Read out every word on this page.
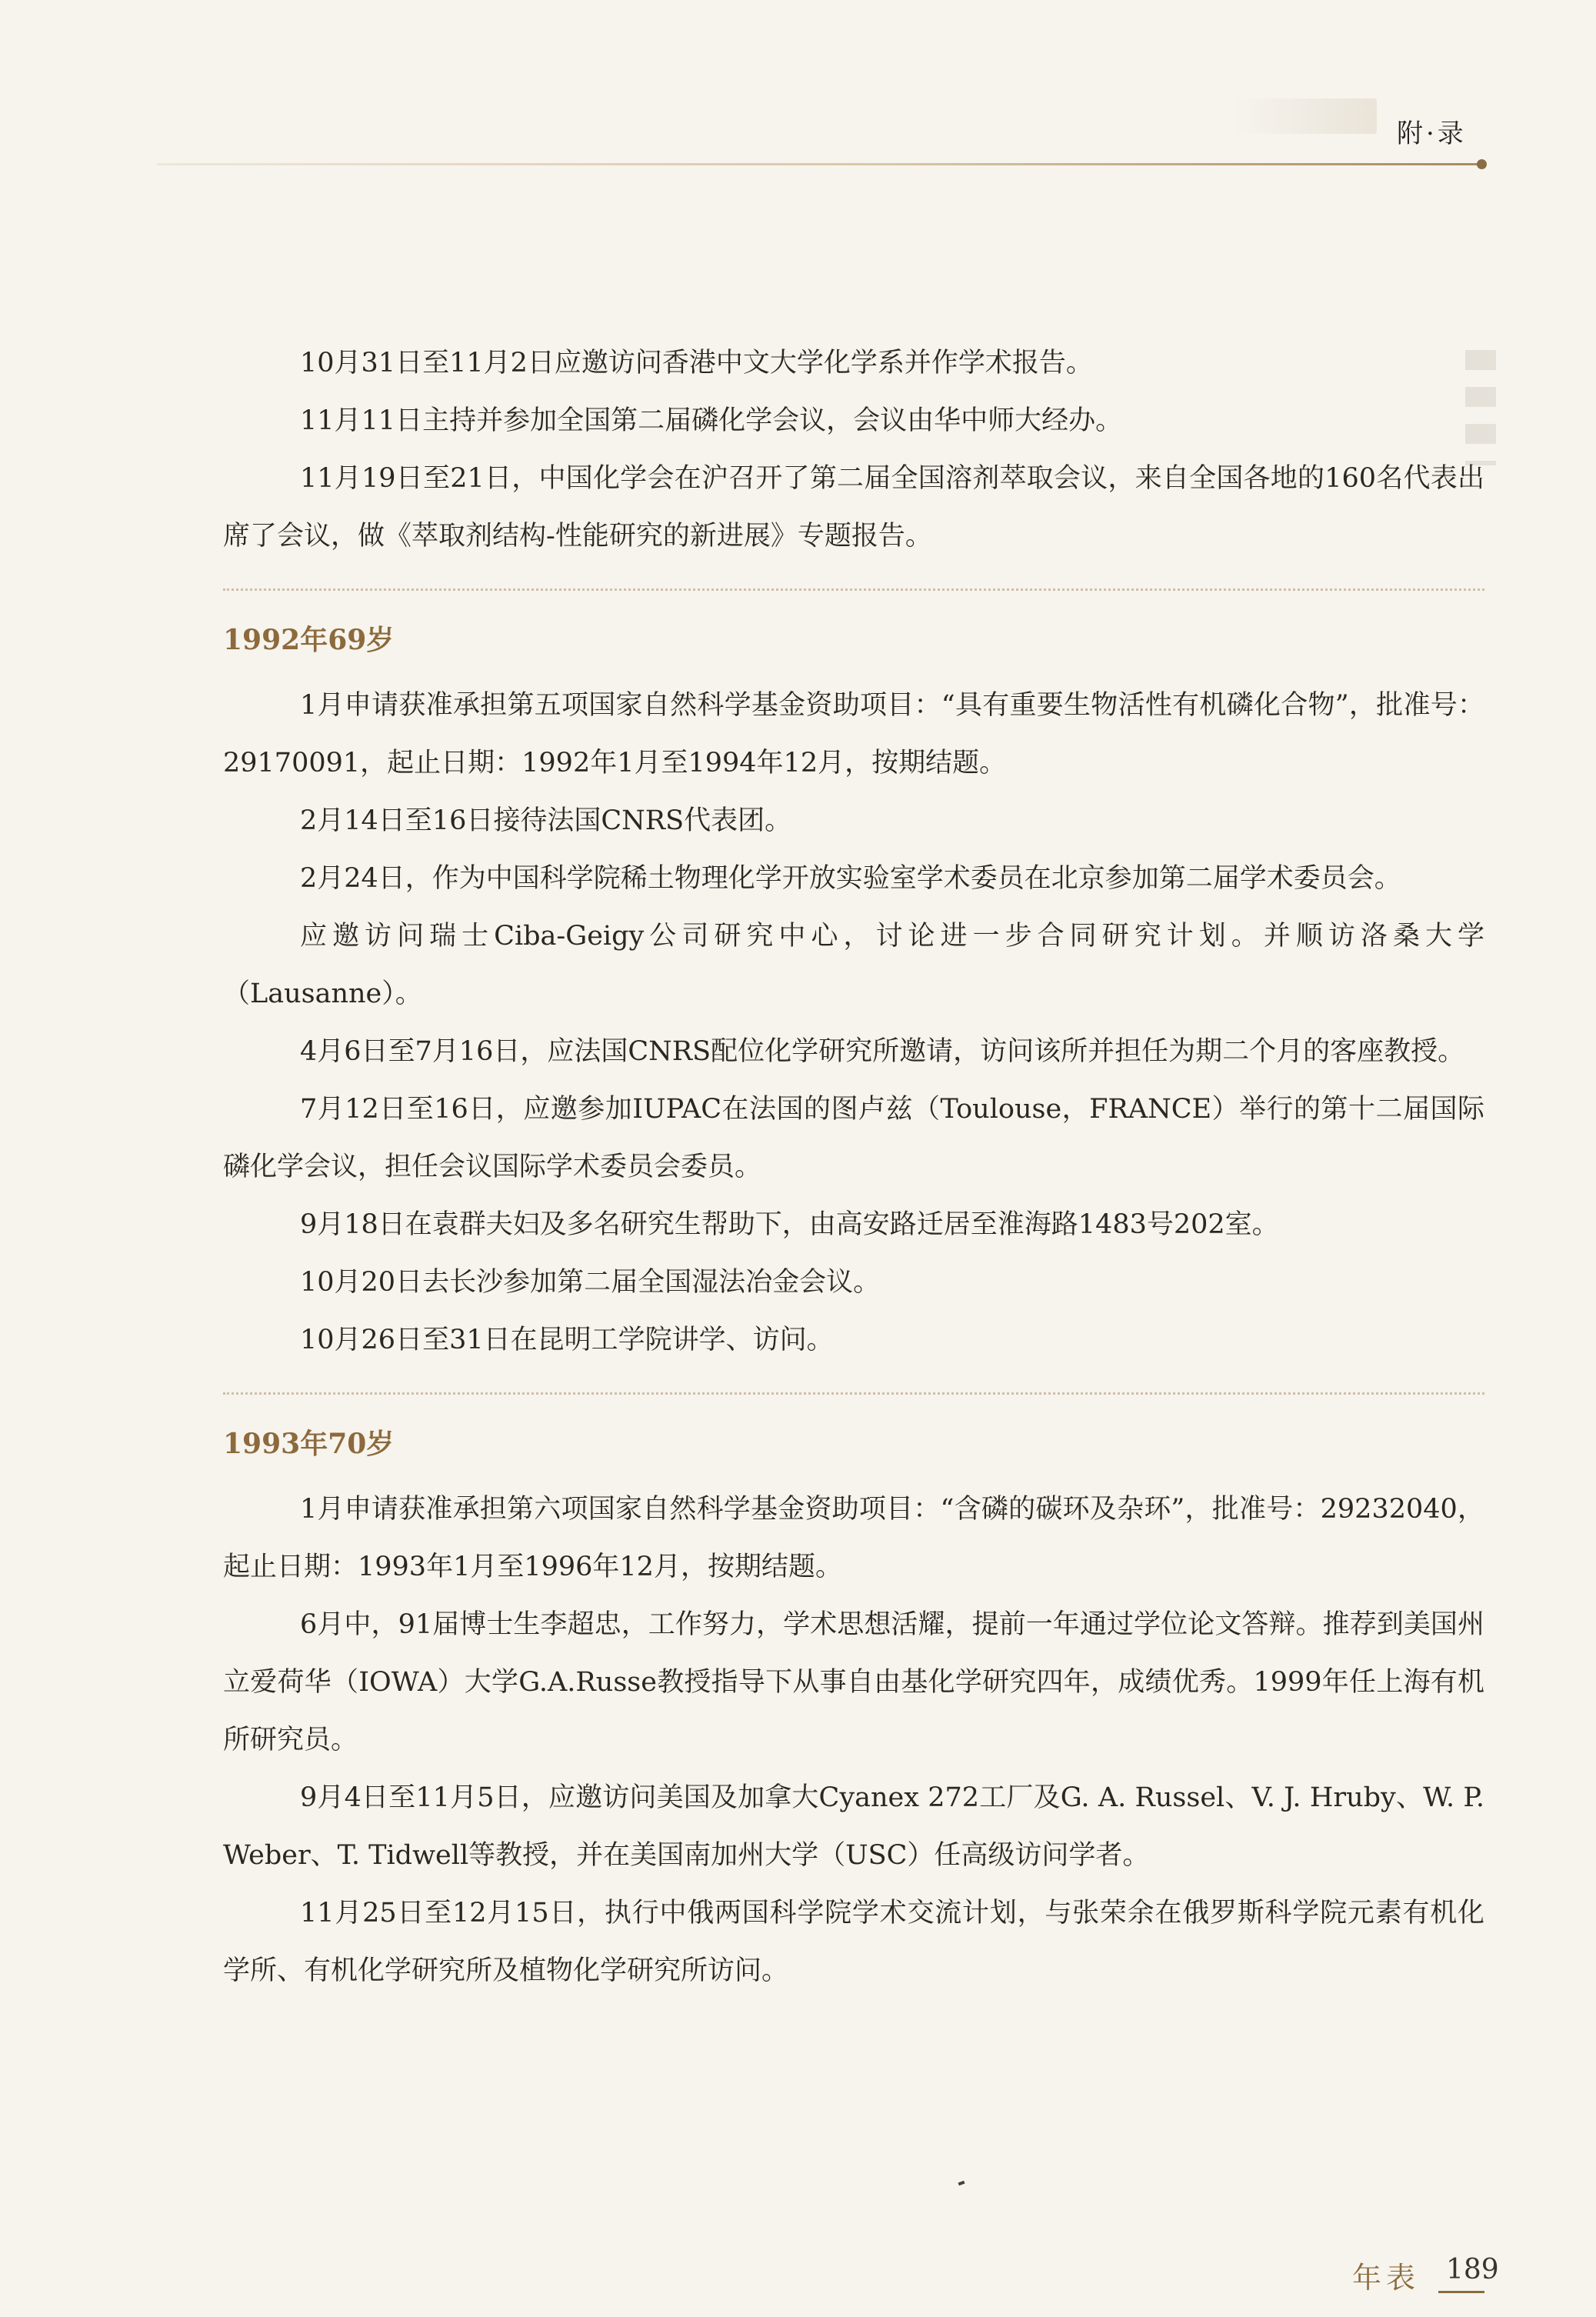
附·录

10月31日至11月2日应邀访问香港中文大学化学系并作学术报告。

11月11日主持并参加全国第二届磷化学会议，会议由华中师大经办。

11月19日至21日，中国化学会在沪召开了第二届全国溶剂萃取会议，来自全国各地的160名代表出席了会议，做《萃取剂结构-性能研究的新进展》专题报告。

1992年69岁

1月申请获准承担第五项国家自然科学基金资助项目：“具有重要生物活性有机磷化合物”，批准号：29170091，起止日期：1992年1月至1994年12月，按期结题。

2月14日至16日接待法国CNRS代表团。

2月24日，作为中国科学院稀土物理化学开放实验室学术委员在北京参加第二届学术委员会。

应邀访问瑞士Ciba-Geigy公司研究中心，讨论进一步合同研究计划。并顺访洛桑大学（Lausanne）。

4月6日至7月16日，应法国CNRS配位化学研究所邀请，访问该所并担任为期二个月的客座教授。

7月12日至16日，应邀参加IUPAC在法国的图卢兹（Toulouse，FRANCE）举行的第十二届国际磷化学会议，担任会议国际学术委员会委员。

9月18日在袁群夫妇及多名研究生帮助下，由高安路迁居至淮海路1483号202室。

10月20日去长沙参加第二届全国湿法冶金会议。

10月26日至31日在昆明工学院讲学、访问。

1993年70岁

1月申请获准承担第六项国家自然科学基金资助项目：“含磷的碳环及杂环”，批准号：29232040，起止日期：1993年1月至1996年12月，按期结题。

6月中，91届博士生李超忠，工作努力，学术思想活耀，提前一年通过学位论文答辩。推荐到美国州立爱荷华（IOWA）大学G.A.Russe教授指导下从事自由基化学研究四年，成绩优秀。1999年任上海有机所研究员。

9月4日至11月5日，应邀访问美国及加拿大Cyanex 272工厂及G. A. Russel、V. J. Hruby、W. P. Weber、T. Tidwell等教授，并在美国南加州大学（USC）任高级访问学者。

11月25日至12月15日，执行中俄两国科学院学术交流计划，与张荣余在俄罗斯科学院元素有机化学所、有机化学研究所及植物化学研究所访问。

年表 189
